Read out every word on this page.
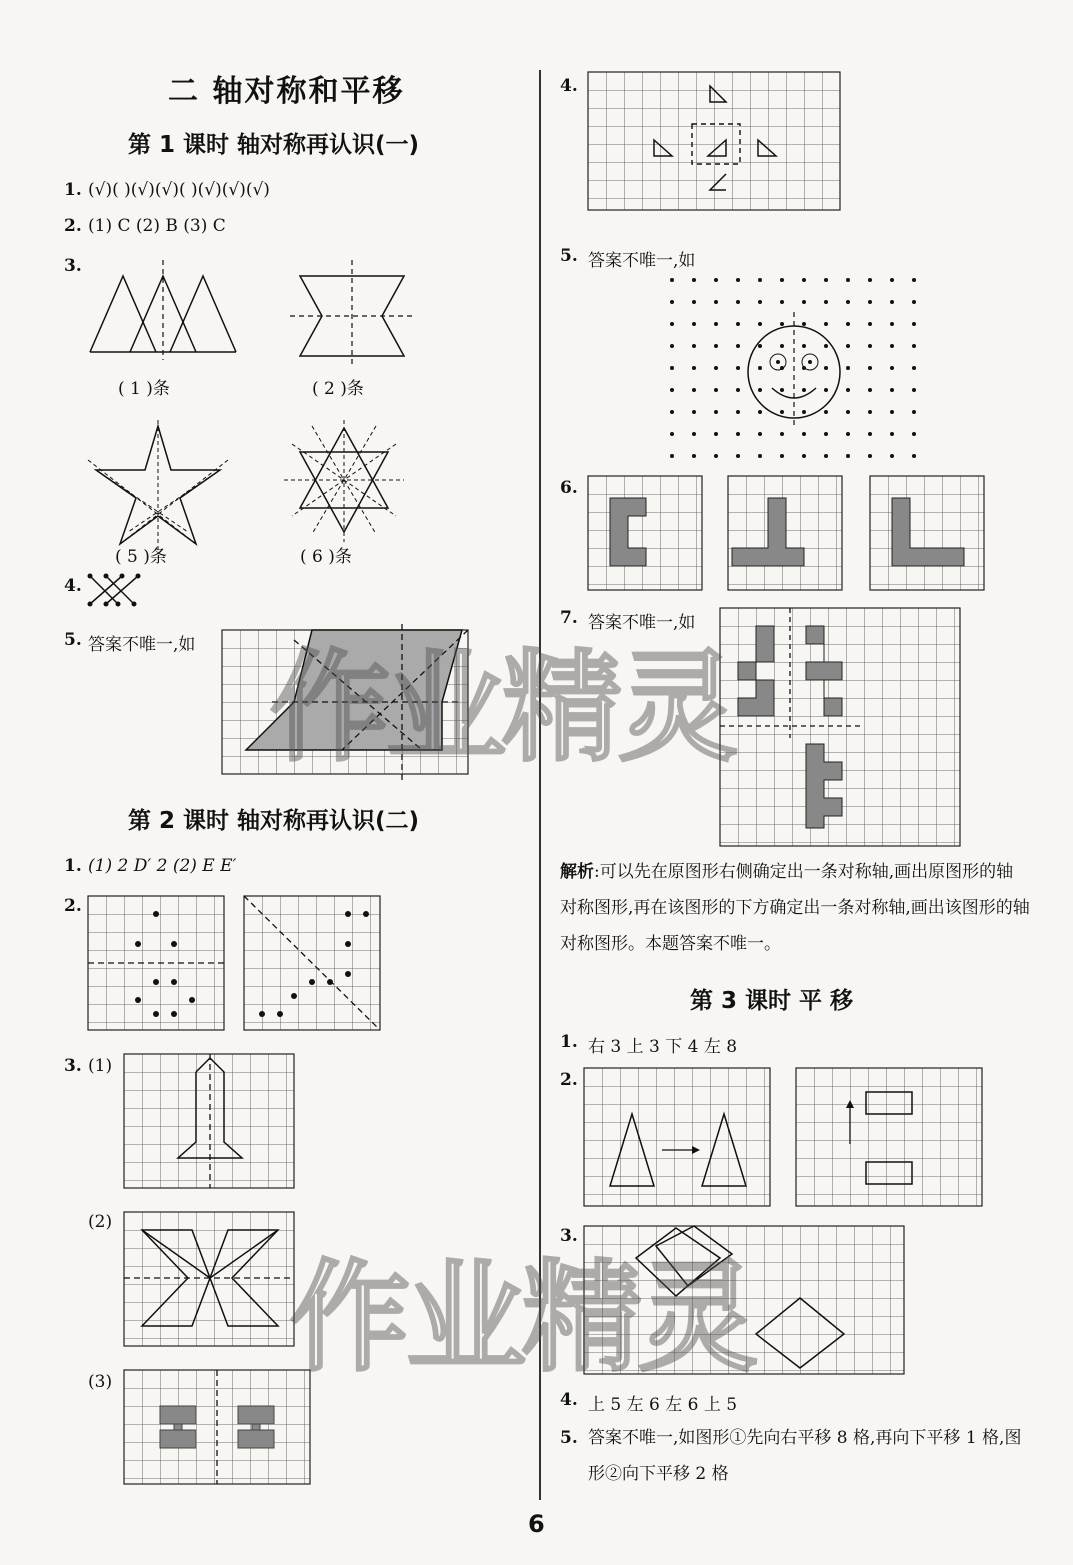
二 轴对称和平移
第 1 课时 轴对称再认识(一)
1. (√)( )(√)(√)( )(√)(√)(√)
2. (1) C (2) B (3) C
3.
( 1 )条	( 2 )条
( 5 )条	( 6 )条
4.
5. 答案不唯一,如
第 2 课时 轴对称再认识(二)
1. (1) 2 D′ 2 (2) E E′
2.
3. (1)
(2)
(3)
4.
5. 答案不唯一,如
6.
7. 答案不唯一,如
解析:可以先在原图形右侧确定出一条对称轴,画出原图形的轴对称图形,再在该图形的下方确定出一条对称轴,画出该图形的轴对称图形。本题答案不唯一。
第 3 课时 平 移
1. 右 3 上 3 下 4 左 8
2.
3.
4. 上 5 左 6 左 6 上 5
5. 答案不唯一,如图形①先向右平移 8 格,再向下平移 1 格,图形②向下平移 2 格
作业精灵
作业精灵
6
